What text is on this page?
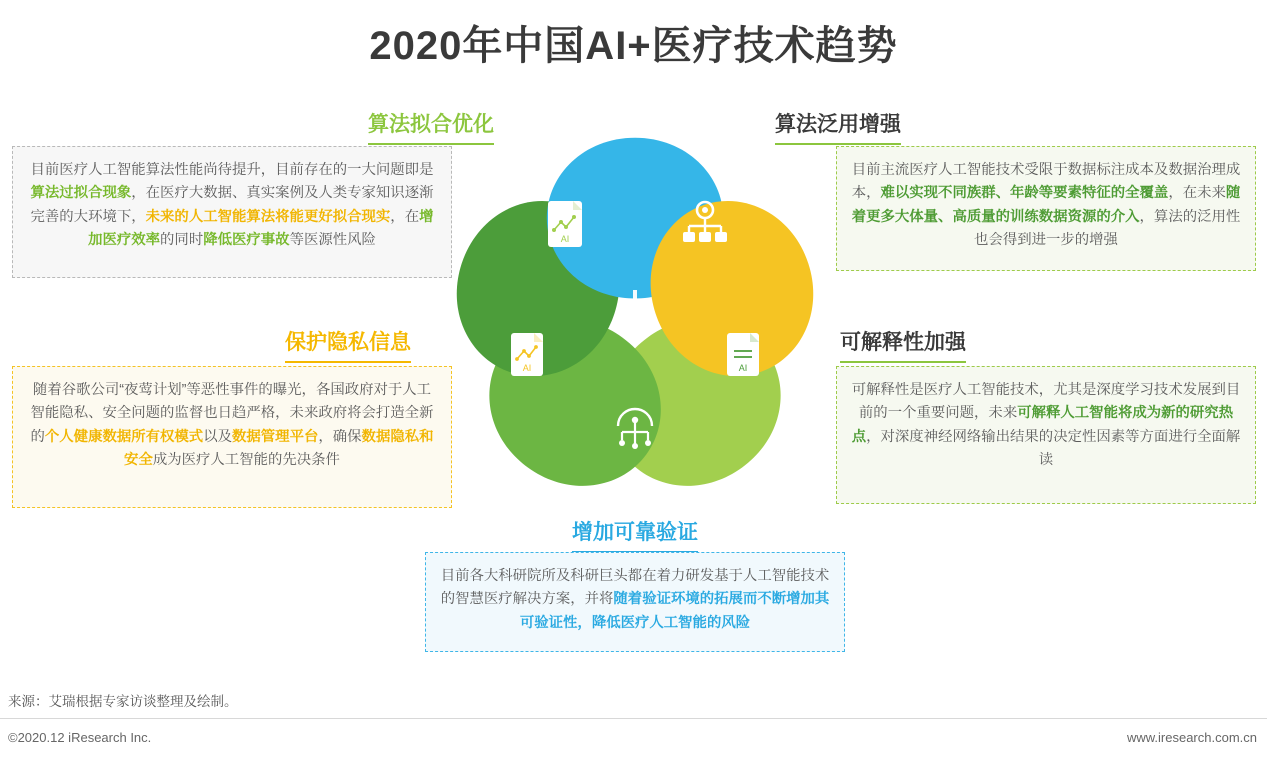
2020年中国AI+医疗技术趋势
AI
AI
AI
算法拟合优化
目前医疗人工智能算法性能尚待提升，目前存在的一大问题即是算法过拟合现象，在医疗大数据、真实案例及人类专家知识逐渐完善的大环境下，未来的人工智能算法将能更好拟合现实，在增加医疗效率的同时降低医疗事故等医源性风险
算法泛用增强
目前主流医疗人工智能技术受限于数据标注成本及数据治理成本，难以实现不同族群、年龄等要素特征的全覆盖，在未来随着更多大体量、高质量的训练数据资源的介入，算法的泛用性也会得到进一步的增强
保护隐私信息
随着谷歌公司“夜莺计划”等恶性事件的曝光，各国政府对于人工智能隐私、安全问题的监督也日趋严格，未来政府将会打造全新的个人健康数据所有权模式以及数据管理平台，确保数据隐私和安全成为医疗人工智能的先决条件
可解释性加强
可解释性是医疗人工智能技术，尤其是深度学习技术发展到目前的一个重要问题，未来可解释人工智能将成为新的研究热点，对深度神经网络输出结果的决定性因素等方面进行全面解读
增加可靠验证
目前各大科研院所及科研巨头都在着力研发基于人工智能技术的智慧医疗解决方案，并将随着验证环境的拓展而不断增加其可验证性，降低医疗人工智能的风险
来源：艾瑞根据专家访谈整理及绘制。
©2020.12 iResearch Inc.	www.iresearch.com.cn
